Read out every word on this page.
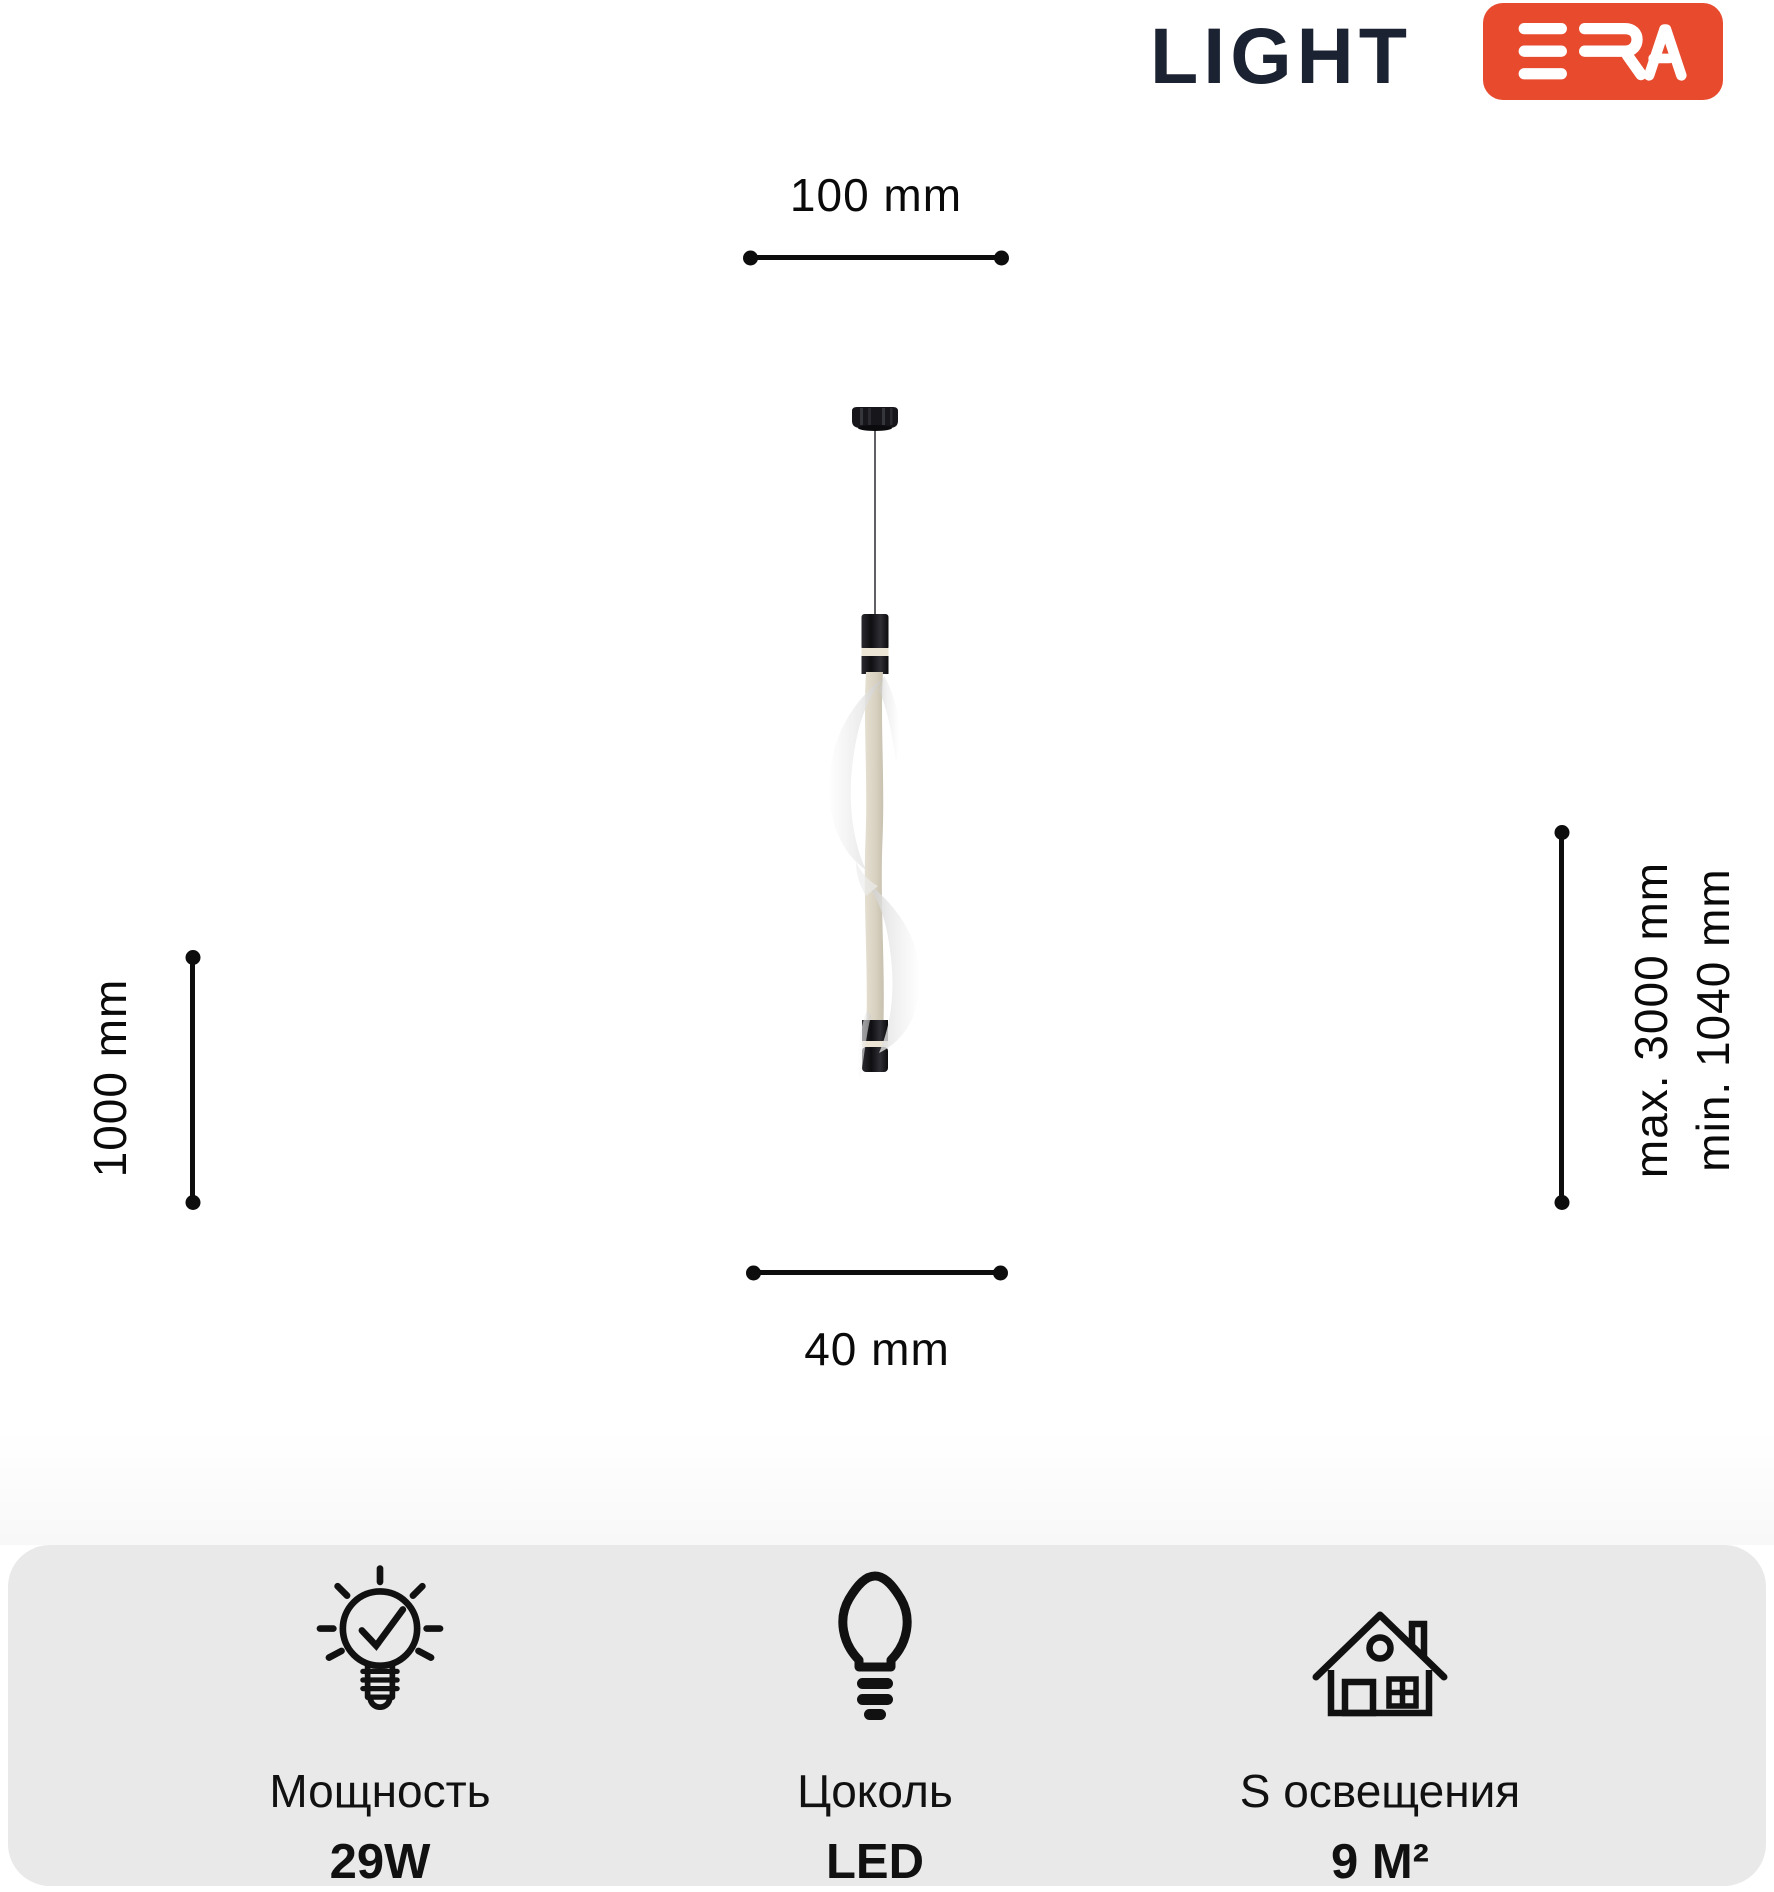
LIGHT
100 mm
40 mm
1000 mm	max. 3000 mm min. 1040 mm
Мощность
29W
Цоколь
LED
S освещения
9 М²
